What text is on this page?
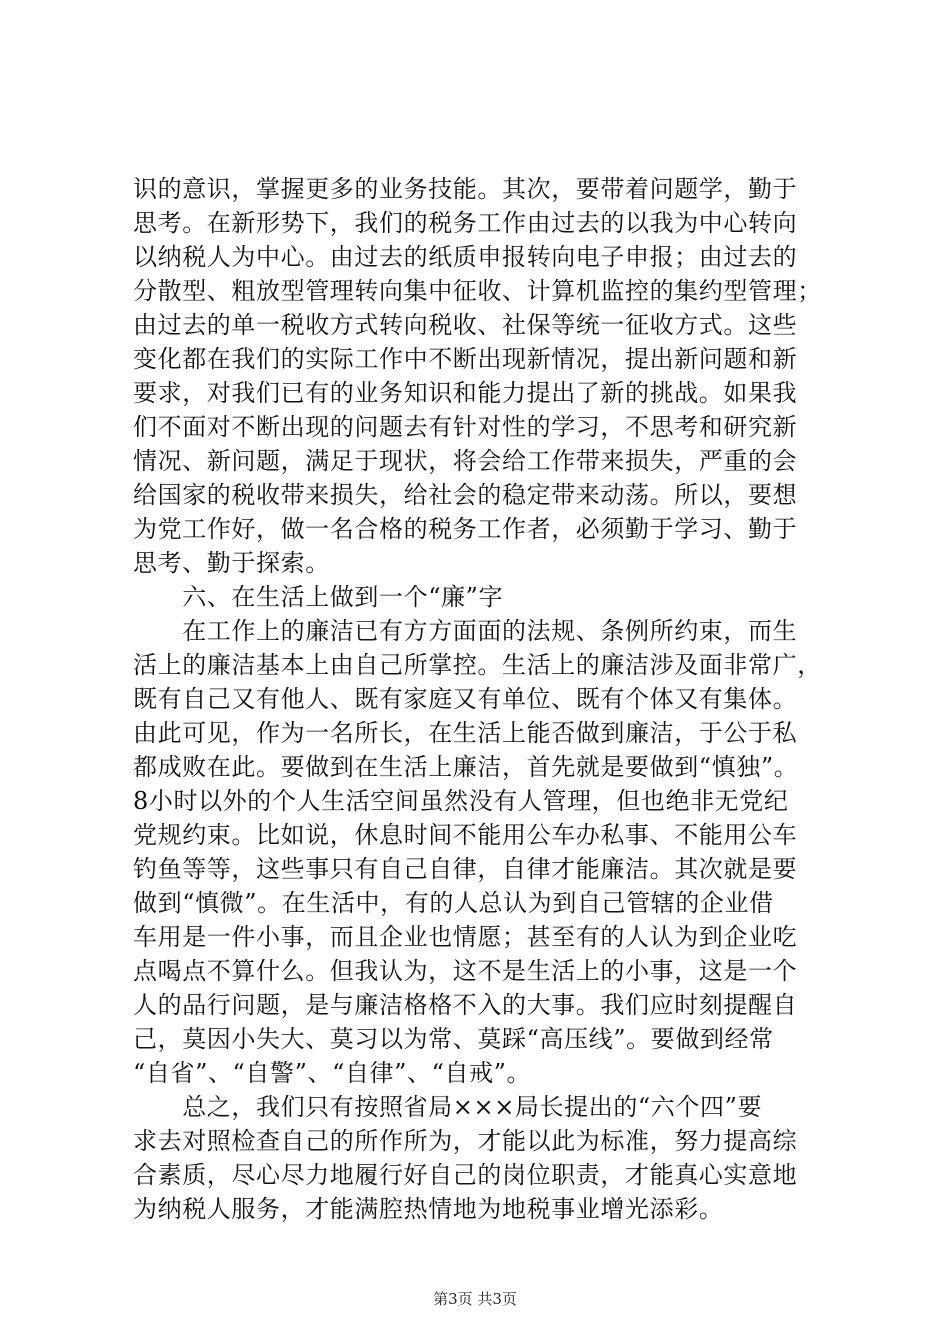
识的意识，掌握更多的业务技能。其次，要带着问题学，勤于
思考。在新形势下，我们的税务工作由过去的以我为中心转向
以纳税人为中心。由过去的纸质申报转向电子申报；由过去的
分散型、粗放型管理转向集中征收、计算机监控的集约型管理；
由过去的单一税收方式转向税收、社保等统一征收方式。这些
变化都在我们的实际工作中不断出现新情况，提出新问题和新
要求，对我们已有的业务知识和能力提出了新的挑战。如果我
们不面对不断出现的问题去有针对性的学习，不思考和研究新
情况、新问题，满足于现状，将会给工作带来损失，严重的会
给国家的税收带来损失，给社会的稳定带来动荡。所以，要想
为党工作好，做一名合格的税务工作者，必须勤于学习、勤于
思考、勤于探索。
　　六、在生活上做到一个“廉”字
　　在工作上的廉洁已有方方面面的法规、条例所约束，而生
活上的廉洁基本上由自己所掌控。生活上的廉洁涉及面非常广，
既有自己又有他人、既有家庭又有单位、既有个体又有集体。
由此可见，作为一名所长，在生活上能否做到廉洁，于公于私
都成败在此。要做到在生活上廉洁，首先就是要做到“慎独”。
8小时以外的个人生活空间虽然没有人管理，但也绝非无党纪
党规约束。比如说，休息时间不能用公车办私事、不能用公车
钓鱼等等，这些事只有自己自律，自律才能廉洁。其次就是要
做到“慎微”。在生活中，有的人总认为到自己管辖的企业借
车用是一件小事，而且企业也情愿；甚至有的人认为到企业吃
点喝点不算什么。但我认为，这不是生活上的小事，这是一个
人的品行问题，是与廉洁格格不入的大事。我们应时刻提醒自
己，莫因小失大、莫习以为常、莫踩“高压线”。要做到经常
“自省”、“自警”、“自律”、“自戒”。
　　总之，我们只有按照省局×××局长提出的“六个四”要
求去对照检查自己的所作所为，才能以此为标准，努力提高综
合素质，尽心尽力地履行好自己的岗位职责，才能真心实意地
为纳税人服务，才能满腔热情地为地税事业增光添彩。
第3页 共3页
